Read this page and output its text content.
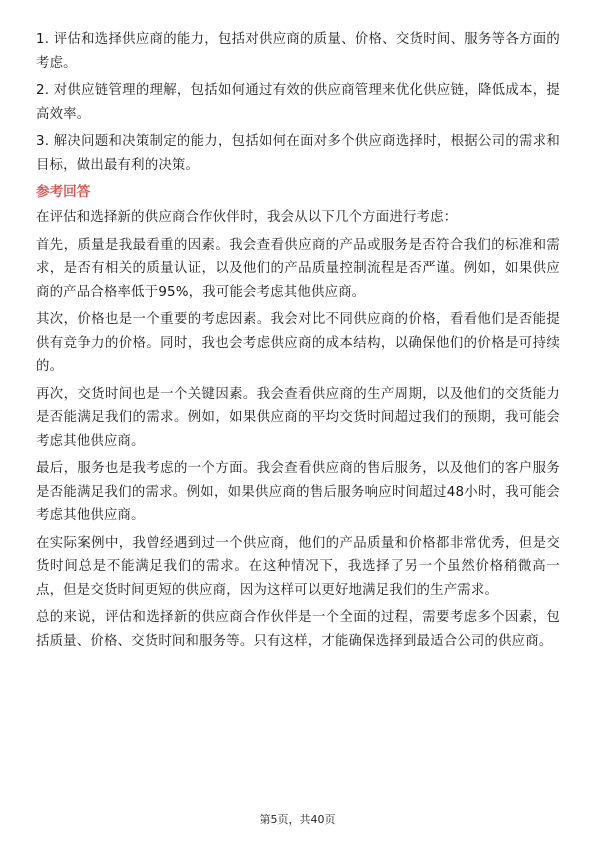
1. 评估和选择供应商的能力，包括对供应商的质量、价格、交货时间、服务等各方面的考虑。

2. 对供应链管理的理解，包括如何通过有效的供应商管理来优化供应链，降低成本，提高效率。

3. 解决问题和决策制定的能力，包括如何在面对多个供应商选择时，根据公司的需求和目标，做出最有利的决策。

参考回答

在评估和选择新的供应商合作伙伴时，我会从以下几个方面进行考虑：

首先，质量是我最看重的因素。我会查看供应商的产品或服务是否符合我们的标准和需求，是否有相关的质量认证，以及他们的产品质量控制流程是否严谨。例如，如果供应商的产品合格率低于95%，我可能会考虑其他供应商。

其次，价格也是一个重要的考虑因素。我会对比不同供应商的价格，看看他们是否能提供有竞争力的价格。同时，我也会考虑供应商的成本结构，以确保他们的价格是可持续的。

再次，交货时间也是一个关键因素。我会查看供应商的生产周期，以及他们的交货能力是否能满足我们的需求。例如，如果供应商的平均交货时间超过我们的预期，我可能会考虑其他供应商。

最后，服务也是我考虑的一个方面。我会查看供应商的售后服务，以及他们的客户服务是否能满足我们的需求。例如，如果供应商的售后服务响应时间超过48小时，我可能会考虑其他供应商。

在实际案例中，我曾经遇到过一个供应商，他们的产品质量和价格都非常优秀，但是交货时间总是不能满足我们的需求。在这种情况下，我选择了另一个虽然价格稍微高一点，但是交货时间更短的供应商，因为这样可以更好地满足我们的生产需求。

总的来说，评估和选择新的供应商合作伙伴是一个全面的过程，需要考虑多个因素，包括质量、价格、交货时间和服务等。只有这样，才能确保选择到最适合公司的供应商。

第5页，共40页
